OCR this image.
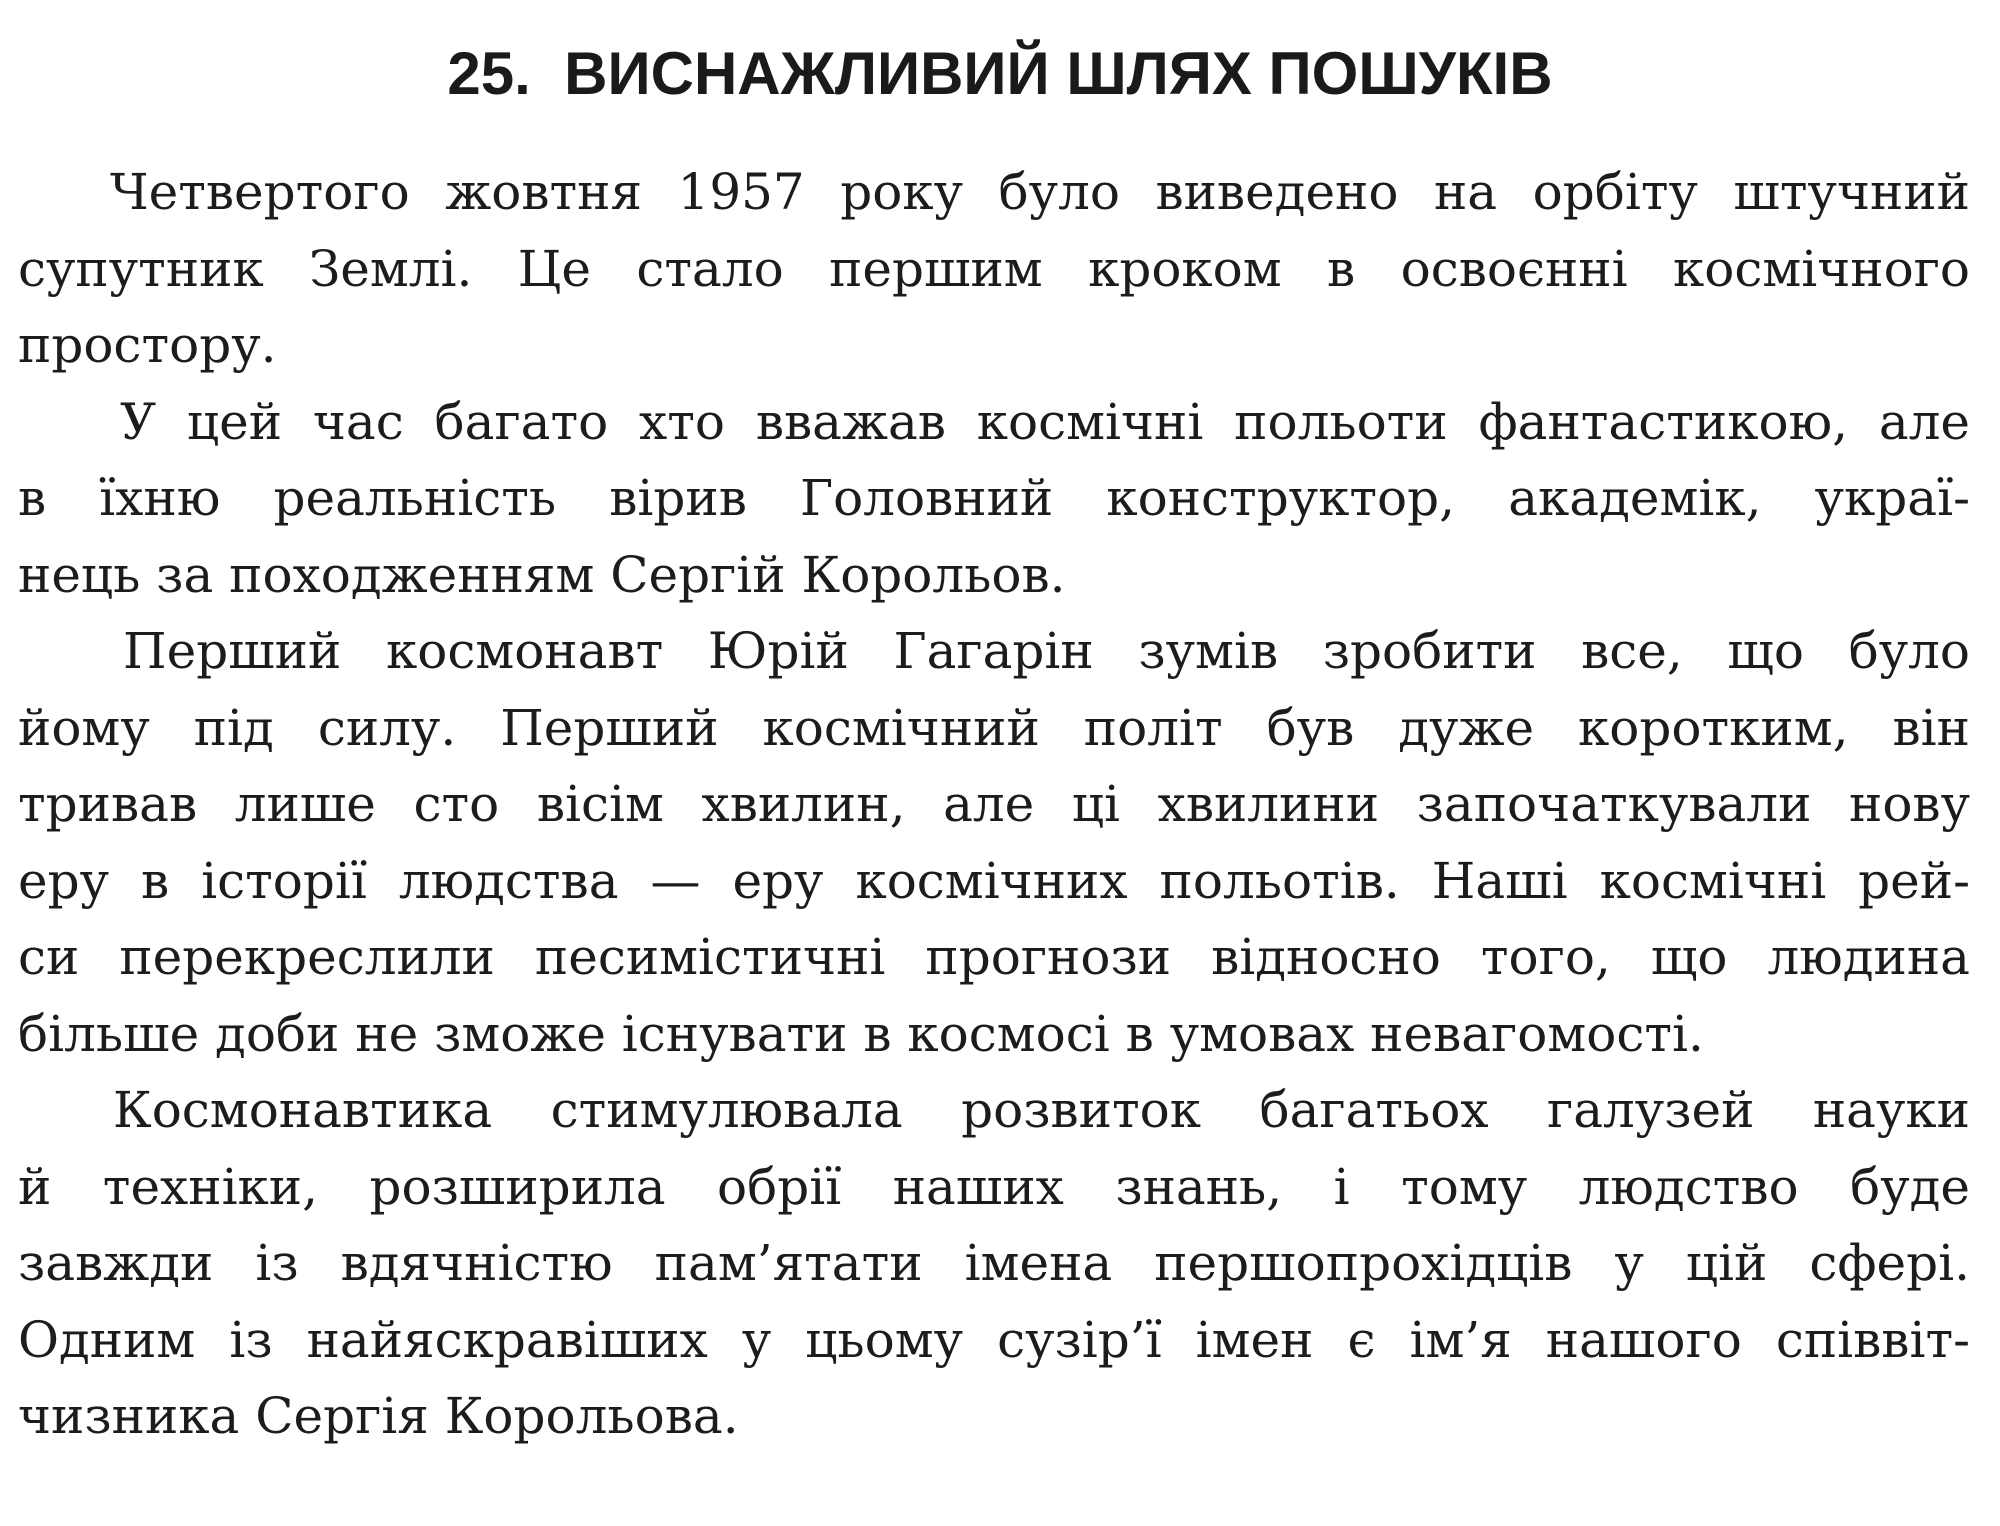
25.  ВИСНАЖЛИВИЙ ШЛЯХ ПОШУКІВ
Четвертого жовтня 1957 року було виведено на орбіту штучний
супутник Землі. Це стало першим кроком в освоєнні космічного
простору.
У цей час багато хто вважав космічні польоти фантастикою, але
в їхню реальність вірив Головний конструктор, академік, украї-
нець за походженням Сергій Корольов.
Перший космонавт Юрій Гагарін зумів зробити все, що було
йому під силу. Перший космічний політ був дуже коротким, він
тривав лише сто вісім хвилин, але ці хвилини започаткували нову
еру в історії людства — еру космічних польотів. Наші космічні рей-
си перекреслили песимістичні прогнози відносно того, що людина
більше доби не зможе існувати в космосі в умовах невагомості.
Космонавтика стимулювала розвиток багатьох галузей науки
й техніки, розширила обрії наших знань, і тому людство буде
завжди із вдячністю пам’ятати імена першопрохідців у цій сфері.
Одним із найяскравіших у цьому сузір’ї імен є ім’я нашого співвіт-
чизника Сергія Корольова.
